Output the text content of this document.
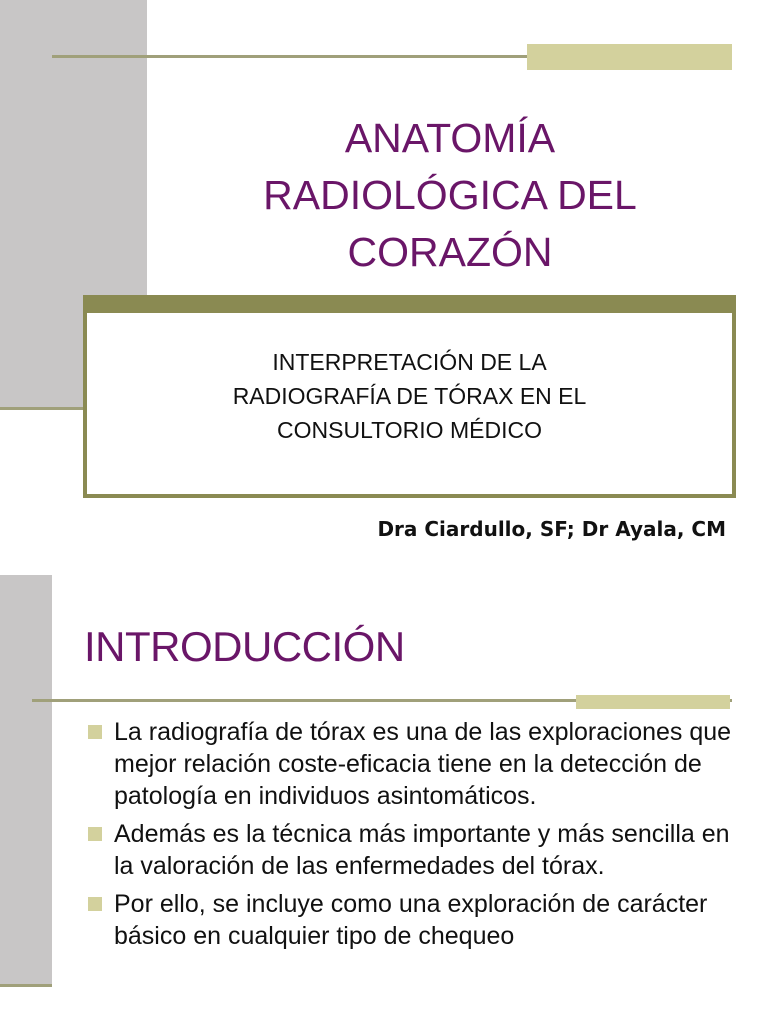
ANATOMÍA
RADIOLÓGICA DEL
CORAZÓN
INTERPRETACIÓN DE LA
RADIOGRAFÍA DE TÓRAX EN EL
CONSULTORIO MÉDICO
Dra Ciardullo, SF; Dr Ayala, CM
INTRODUCCIÓN
La radiografía de tórax es una de las exploraciones que mejor relación coste-eficacia tiene en la detección de patología en individuos asintomáticos.
Además es la técnica más importante y más sencilla en la valoración de las enfermedades del tórax.
Por ello, se incluye como una exploración de carácter básico en cualquier tipo de chequeo
